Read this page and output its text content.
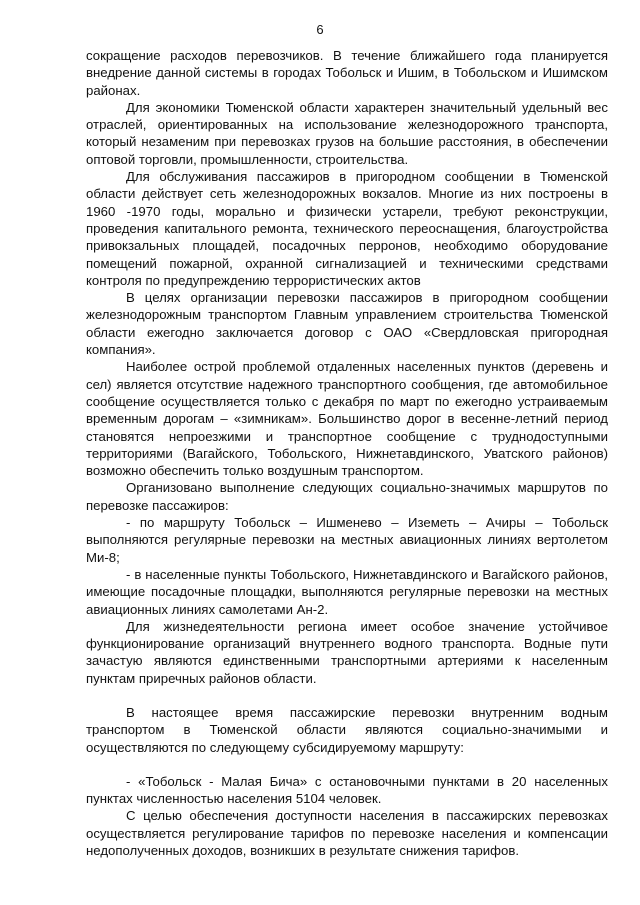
6

сокращение расходов перевозчиков. В течение ближайшего года планируется внедрение данной системы в городах Тобольск и Ишим, в Тобольском и Ишимском районах.

Для экономики Тюменской области характерен значительный удельный вес отраслей, ориентированных на использование железнодорожного транспорта, который незаменим при перевозках грузов на большие расстояния, в обеспечении оптовой торговли, промышленности, строительства.

Для обслуживания пассажиров в пригородном сообщении в Тюменской области действует сеть железнодорожных вокзалов. Многие из них построены в 1960 -1970 годы, морально и физически устарели, требуют реконструкции, проведения капитального ремонта, технического переоснащения, благоустройства привокзальных площадей, посадочных перронов, необходимо оборудование помещений пожарной, охранной сигнализацией и техническими средствами контроля по предупреждению террористических актов

В целях организации перевозки пассажиров в пригородном сообщении железнодорожным транспортом Главным управлением строительства Тюменской области ежегодно заключается договор с ОАО «Свердловская пригородная компания».

Наиболее острой проблемой отдаленных населенных пунктов (деревень и сел) является отсутствие надежного транспортного сообщения, где автомобильное сообщение осуществляется только с декабря по март по ежегодно устраиваемым временным дорогам – «зимникам». Большинство дорог в весенне-летний период становятся непроезжими и транспортное сообщение с труднодоступными территориями (Вагайского, Тобольского, Нижнетавдинского, Уватского районов) возможно обеспечить только воздушным транспортом.

Организовано выполнение следующих социально-значимых маршрутов по перевозке пассажиров:

- по маршруту Тобольск – Ишменево – Иземеть – Ачиры – Тобольск выполняются регулярные перевозки на местных авиационных линиях вертолетом Ми-8;

- в населенные пункты Тобольского, Нижнетавдинского и Вагайского районов, имеющие посадочные площадки, выполняются регулярные перевозки на местных авиационных линиях самолетами Ан-2.

Для жизнедеятельности региона имеет особое значение устойчивое функционирование организаций внутреннего водного транспорта. Водные пути зачастую являются единственными транспортными артериями к населенным пунктам приречных районов области.

В настоящее время пассажирские перевозки внутренним водным транспортом в Тюменской области являются социально-значимыми и осуществляются по следующему субсидируемому маршруту:

- «Тобольск - Малая Бича» с остановочными пунктами в 20 населенных пунктах численностью населения 5104 человек.

С целью обеспечения доступности населения в пассажирских перевозках осуществляется регулирование тарифов по перевозке населения и компенсации недополученных доходов, возникших в результате снижения тарифов.
